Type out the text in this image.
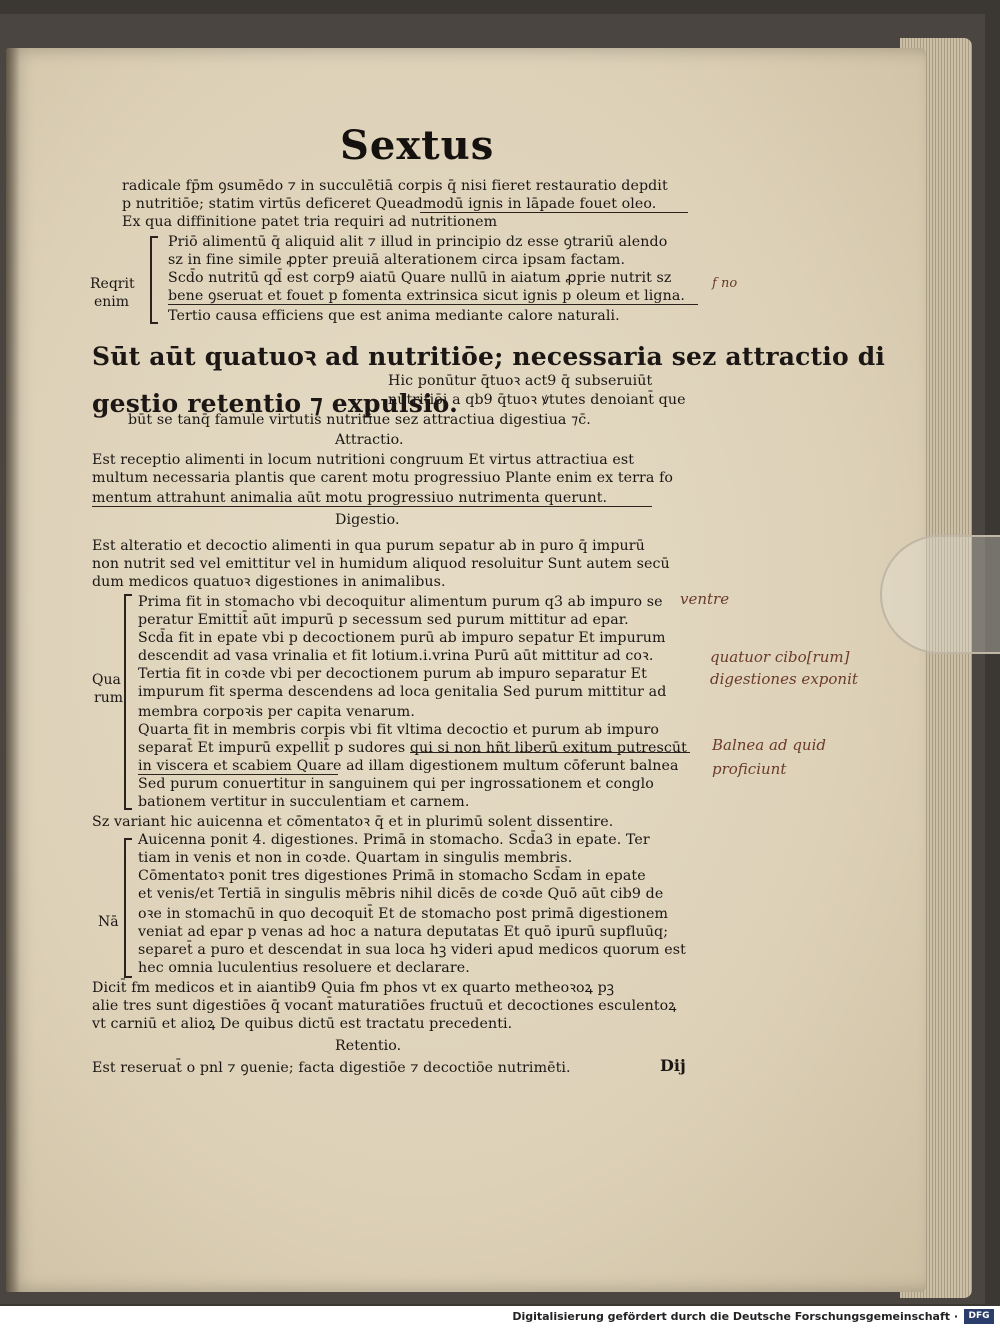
Sextus
radicale fp̄m ꝯsumēdo ⁊ in succulētiā corpis q̄ nisi fieret restauratio depdit
p nutritiōe; statim virtūs deficeret Queadmodū ignis in lāpade fouet oleo.
Ex qua diffinitione patet tria requiri ad nutritionem
Priō alimentū q̄ aliquid alit ⁊ illud in principio dz esse ꝯtrariū alendo
sz in fine simile ꝓpter preuiā alterationem circa ipsam factam.
Scd̄o nutritū qd̄ est corp9 aiatū Quare nullū in aiatum ꝓprie nutrit sz
bene ꝯseruat et fouet p fomenta extrinsica sicut ignis p oleum et ligna.
Tertio causa efficiens que est anima mediante calore naturali.
Sūt aūt quatuoꝛ ad nutritiōe; necessaria sez attractio di
Hic ponūtur q̄tuoꝛ act9 q̄ subseruiūt
gestio retentio ⁊ expulsio.
nutritiōi a qb9 q̄tuoꝛ ꝟtutes denoiant̄ que
būt se tanq̄ famule virtutis nutritiue sez attractiua digestiua ⁊c̄.
Attractio.
Est receptio alimenti in locum nutritioni congruum Et virtus attractiua est
multum necessaria plantis que carent motu progressiuo Plante enim ex terra fo
mentum attrahunt animalia aūt motu progressiuo nutrimenta querunt.
Digestio.
Est alteratio et decoctio alimenti in qua purum sepatur ab in puro q̄ impurū
non nutrit sed vel emittitur vel in humidum aliquod resoluitur Sunt autem secū
dum medicos quatuoꝛ digestiones in animalibus.
Prima fit in stomacho vbi decoquitur alimentum purum q3 ab impuro se
peratur Emittit̄ aūt impurū p secessum sed purum mittitur ad epar.
Scd̄a fit in epate vbi p decoctionem purū ab impuro sepatur Et impurum
descendit ad vasa vrinalia et fit lotium.i.vrina Purū aūt mittitur ad coꝛ.
Tertia fit in coꝛde vbi per decoctionem purum ab impuro separatur Et
impurum fit sperma descendens ad loca genitalia Sed purum mittitur ad
membra corpoꝛis per capita venarum.
Quarta fit in membris corpis vbi fit vltima decoctio et purum ab impuro
separat̄ Et impurū expellit̄ p sudores qui si non hñt liberū exitum putrescūt
in viscera et scabiem Quare ad illam digestionem multum cōferunt balnea
Sed purum conuertitur in sanguinem qui per ingrossationem et conglo
bationem vertitur in succulentiam et carnem.
Sz variant hic auicenna et cōmentatoꝛ q̄ et in plurimū solent dissentire.
Auicenna ponit 4. digestiones. Primā in stomacho. Scd̄a3 in epate. Ter
tiam in venis et non in coꝛde. Quartam in singulis membris.
Cōmentatoꝛ ponit tres digestiones Primā in stomacho Scd̄am in epate
et venis/et Tertiā in singulis mēbris nihil dicēs de coꝛde Quō aūt cib9 de
oꝛe in stomachū in quo decoquit̄ Et de stomacho post primā digestionem
veniat ad epar p venas ad hoc a natura deputatas Et quō ipurū supfluūq;
separet̄ a puro et descendat in sua loca hꝫ videri apud medicos quorum est
hec omnia luculentius resoluere et declarare.
Dicit̄ fm medicos et in aiantib9 Quia fm phos vt ex quarto metheoꝛoꝝ pꝫ
alie tres sunt digestiōes q̄ vocant̄ maturatiōes fructuū et decoctiones esculentoꝝ
vt carniū et alioꝝ De quibus dictū est tractatu precedenti.
Retentio.
Est reseruat̄ o pnl ⁊ ꝯuenie; facta digestiōe ⁊ decoctiōe nutrimēti.	Dij
Reqrit
enim
Qua
rum
Nā
f no
ventre
quatuor cibo[rum]
digestiones exponit
Balnea ad quid
proficiunt
Digitalisierung gefördert durch die Deutsche Forschungsgemeinschaft ·	DFG
